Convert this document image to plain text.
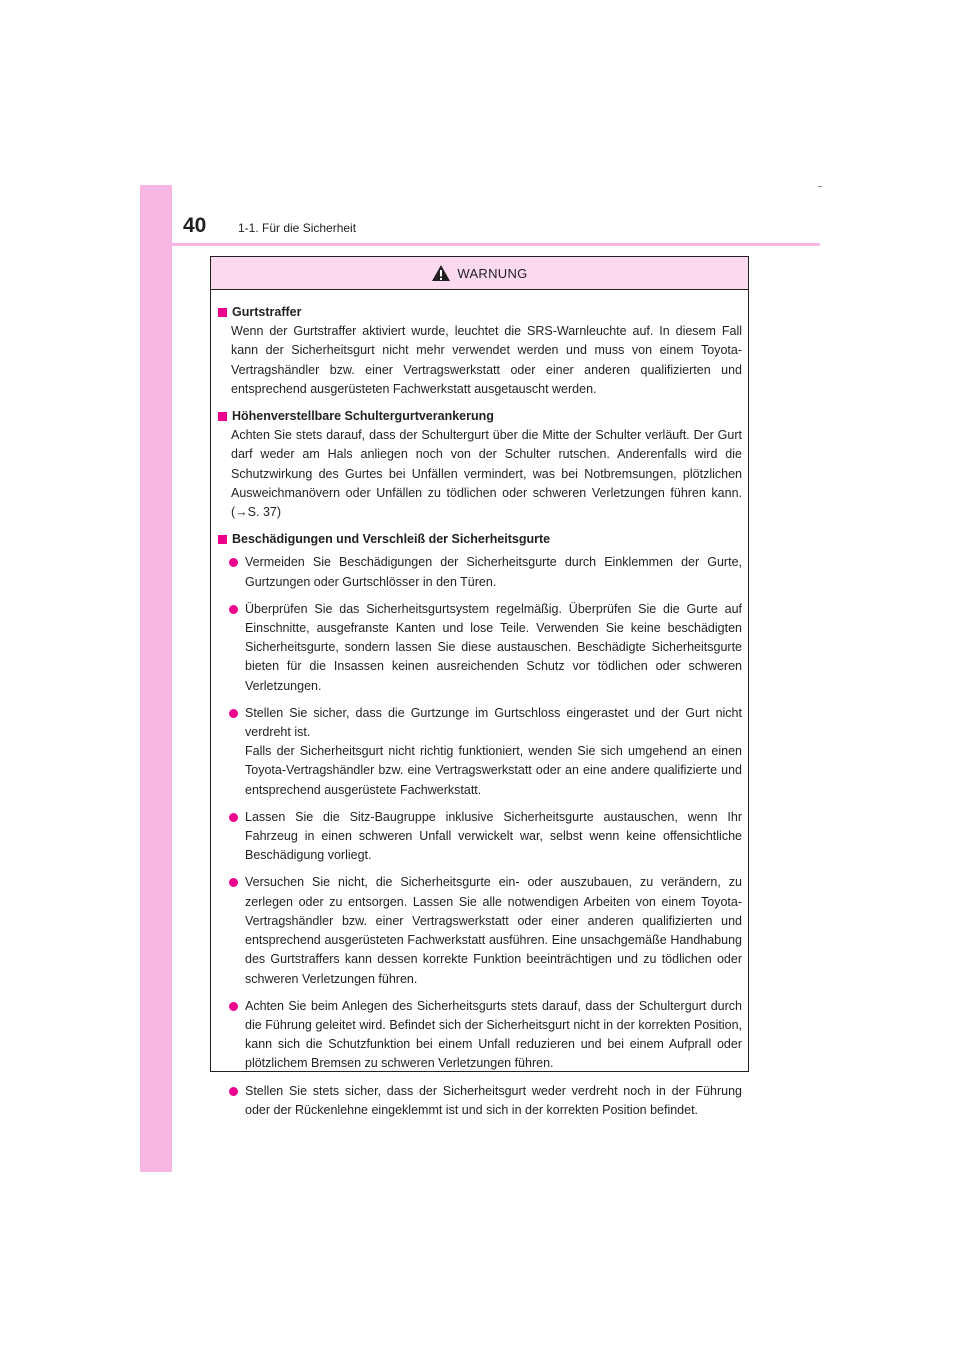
40	1-1. Für die Sicherheit
WARNUNG
Gurtstraffer
Wenn der Gurtstraffer aktiviert wurde, leuchtet die SRS-Warnleuchte auf. In diesem Fall kann der Sicherheitsgurt nicht mehr verwendet werden und muss von einem Toyota-Vertragshändler bzw. einer Vertragswerkstatt oder einer anderen qualifizierten und entsprechend ausgerüsteten Fachwerkstatt ausgetauscht werden.
Höhenverstellbare Schultergurtverankerung
Achten Sie stets darauf, dass der Schultergurt über die Mitte der Schulter verläuft. Der Gurt darf weder am Hals anliegen noch von der Schulter rutschen. Anderenfalls wird die Schutzwirkung des Gurtes bei Unfällen vermindert, was bei Notbremsungen, plötzlichen Ausweichmanövern oder Unfällen zu tödlichen oder schweren Verletzungen führen kann. (→S. 37)
Beschädigungen und Verschleiß der Sicherheitsgurte
Vermeiden Sie Beschädigungen der Sicherheitsgurte durch Einklemmen der Gurte, Gurtzungen oder Gurtschlösser in den Türen.
Überprüfen Sie das Sicherheitsgurtsystem regelmäßig. Überprüfen Sie die Gurte auf Einschnitte, ausgefranste Kanten und lose Teile. Verwenden Sie keine beschädigten Sicherheitsgurte, sondern lassen Sie diese austauschen. Beschädigte Sicherheitsgurte bieten für die Insassen keinen ausreichenden Schutz vor tödlichen oder schweren Verletzungen.
Stellen Sie sicher, dass die Gurtzunge im Gurtschloss eingerastet und der Gurt nicht verdreht ist.
Falls der Sicherheitsgurt nicht richtig funktioniert, wenden Sie sich umgehend an einen Toyota-Vertragshändler bzw. eine Vertragswerkstatt oder an eine andere qualifizierte und entsprechend ausgerüstete Fachwerkstatt.
Lassen Sie die Sitz-Baugruppe inklusive Sicherheitsgurte austauschen, wenn Ihr Fahrzeug in einen schweren Unfall verwickelt war, selbst wenn keine offensichtliche Beschädigung vorliegt.
Versuchen Sie nicht, die Sicherheitsgurte ein- oder auszubauen, zu verändern, zu zerlegen oder zu entsorgen. Lassen Sie alle notwendigen Arbeiten von einem Toyota-Vertragshändler bzw. einer Vertragswerkstatt oder einer anderen qualifizierten und entsprechend ausgerüsteten Fachwerkstatt ausführen. Eine unsachgemäße Handhabung des Gurtstraffers kann dessen korrekte Funktion beeinträchtigen und zu tödlichen oder schweren Verletzungen führen.
Achten Sie beim Anlegen des Sicherheitsgurts stets darauf, dass der Schultergurt durch die Führung geleitet wird. Befindet sich der Sicherheitsgurt nicht in der korrekten Position, kann sich die Schutzfunktion bei einem Unfall reduzieren und bei einem Aufprall oder plötzlichem Bremsen zu schweren Verletzungen führen.
Stellen Sie stets sicher, dass der Sicherheitsgurt weder verdreht noch in der Führung oder der Rückenlehne eingeklemmt ist und sich in der korrekten Position befindet.
